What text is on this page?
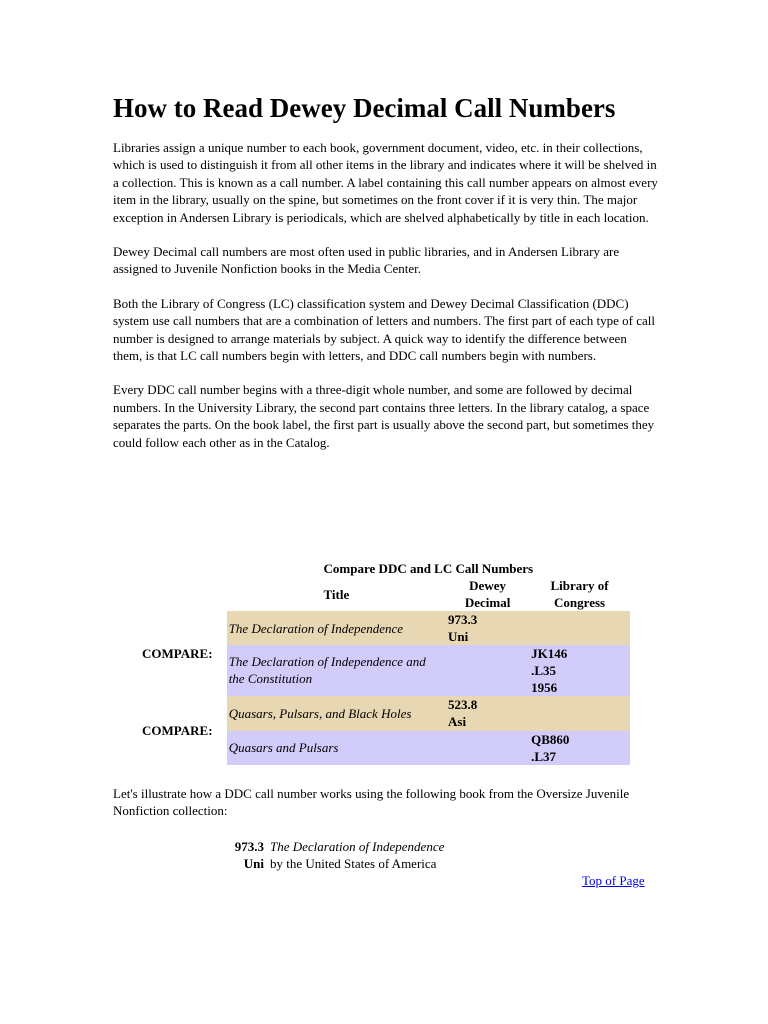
How to Read Dewey Decimal Call Numbers

Libraries assign a unique number to each book, government document, video, etc. in their collections, which is used to distinguish it from all other items in the library and indicates where it will be shelved in a collection. This is known as a call number. A label containing this call number appears on almost every item in the library, usually on the spine, but sometimes on the front cover if it is very thin. The major exception in Andersen Library is periodicals, which are shelved alphabetically by title in each location.

Dewey Decimal call numbers are most often used in public libraries, and in Andersen Library are assigned to Juvenile Nonfiction books in the Media Center.

Both the Library of Congress (LC) classification system and Dewey Decimal Classification (DDC) system use call numbers that are a combination of letters and numbers. The first part of each type of call number is designed to arrange materials by subject. A quick way to identify the difference between them, is that LC call numbers begin with letters, and DDC call numbers begin with numbers.

Every DDC call number begins with a three-digit whole number, and some are followed by decimal numbers. In the University Library, the second part contains three letters. In the library catalog, a space separates the parts. On the book label, the first part is usually above the second part, but sometimes they could follow each other as in the Catalog.

	Compare DDC and LC Call Numbers		
	Title	Dewey Decimal	Library of Congress
COMPARE:	The Declaration of Independence	973.3
Uni	
	The Declaration of Independence and the Constitution		JK146
.L35
1956
COMPARE:	Quasars, Pulsars, and Black Holes	523.8
Asi	
	Quasars and Pulsars		QB860
.L37

Let's illustrate how a DDC call number works using the following book from the Oversize Juvenile Nonfiction collection:

973.3 The Declaration of Independence
Uni by the United States of America
Top of Page
